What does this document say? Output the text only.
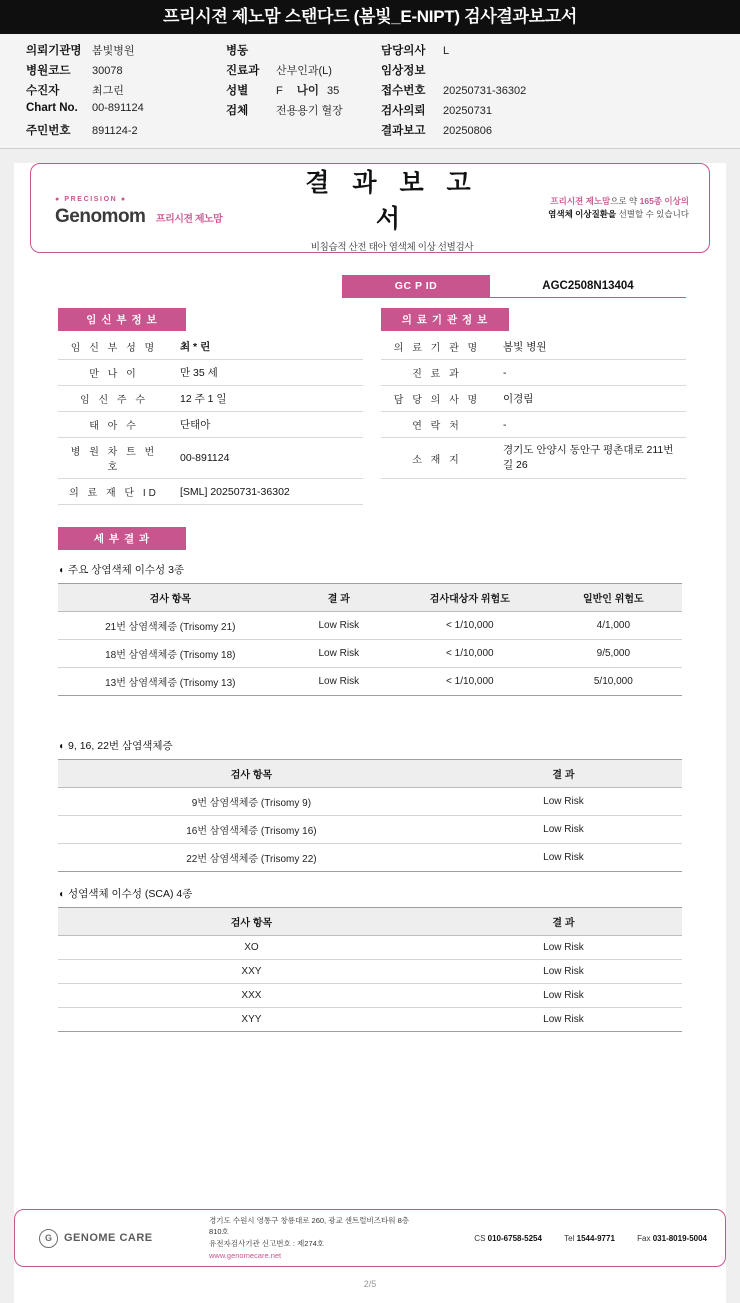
프리시젼 제노맘 스탠다드 (봄빛_E-NIPT) 검사결과보고서
의뢰기관명 봄빛병원
병원코드	30078
수진자	최그린
Chart No.	00-891124
주민번호	891124-2
병동
진료과	산부인과(L)
성별	F 나이 35
검체	전용용기 혈장
담당의사	L
임상정보
접수번호	20250731-36302
검사의뢰	20250731
결과보고	20250806
● PRECISION ●
Genomom 프리시젼 제노맘
결 과 보 고 서
비침습적 산전 태아 염색체 이상 선별검사
프리시젼 제노맘으로 약 165종 이상의
염색체 이상질환을 선별할 수 있습니다
GC P ID	AGC2508N13404
임 신 부 정 보
임 신 부 성 명	최 * 린
만 나 이	만 35 세
임 신 주 수	12 주 1 일
태 아 수	단태아
병 원 차 트 번 호	00-891124
의 료 재 단 ID	[SML] 20250731-36302
의 료 기 관 정 보
의 료 기 관 명	봄빛 병원
진 료 과	-
담 당 의 사 명	이경림
연 락 처	-
소 재 지	경기도 안양시 동안구 평촌대로 211번길 26
세 부 결 과
◖ 주요 상염색체 이수성 3종
검사 항목	결 과	검사대상자 위험도	일반인 위험도
21번 삼염색체증 (Trisomy 21)	Low Risk	< 1/10,000	4/1,000
18번 삼염색체증 (Trisomy 18)	Low Risk	< 1/10,000	9/5,000
13번 삼염색체증 (Trisomy 13)	Low Risk	< 1/10,000	5/10,000
◖ 9, 16, 22번 삼염색체증
검사 항목	결 과
9번 삼염색체증 (Trisomy 9)	Low Risk
16번 삼염색체증 (Trisomy 16)	Low Risk
22번 삼염색체증 (Trisomy 22)	Low Risk
◖ 성염색체 이수성 (SCA) 4종
검사 항목	결 과
XO	Low Risk
XXY	Low Risk
XXX	Low Risk
XYY	Low Risk
G	GENOME CARE
경기도 수원시 영통구 창룡대로 260, 광교 센트럴비즈타워 8층 810호
유전자검사기관 신고번호 : 제274호
www.genomecare.net
CS 010-6758-5254	Tel 1544-9771	Fax 031-8019-5004
2/5
